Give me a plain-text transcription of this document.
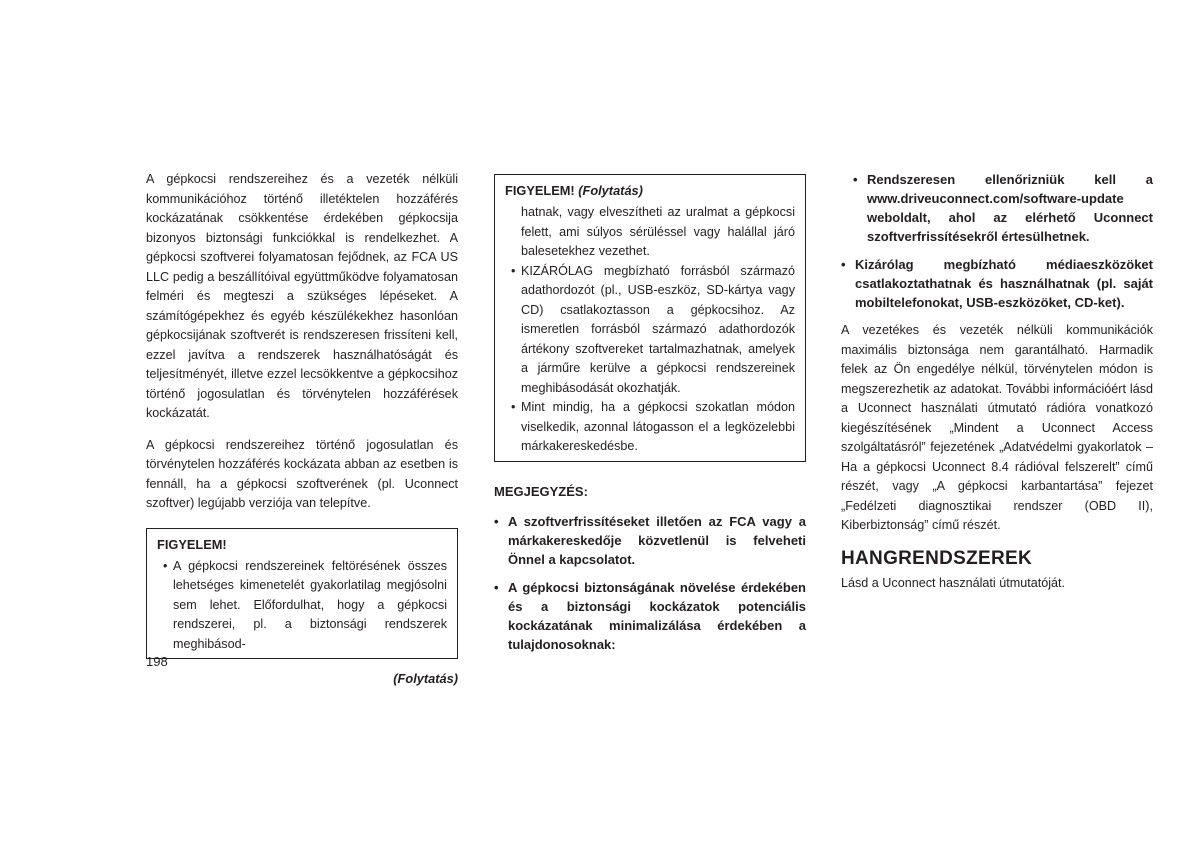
A gépkocsi rendszereihez és a vezeték nélküli kommunikációhoz történő illetéktelen hozzáférés kockázatának csökkentése érdekében gépkocsija bizonyos biztonsági funkciókkal is rendelkezhet. A gépkocsi szoftverei folyamatosan fejődnek, az FCA US LLC pedig a beszállítóival együttműködve folyamatosan felméri és megteszi a szükséges lépéseket. A számítógépekhez és egyéb készülékekhez hasonlóan gépkocsijának szoftverét is rendszeresen frissíteni kell, ezzel javítva a rendszerek használhatóságát és teljesítményét, illetve ezzel lecsökkentve a gépkocsihoz történő jogosulatlan és törvénytelen hozzáférések kockázatát.

A gépkocsi rendszereihez történő jogosulatlan és törvénytelen hozzáférés kockázata abban az esetben is fennáll, ha a gépkocsi szoftverének (pl. Uconnect szoftver) legújabb verziója van telepítve.

FIGYELEM!

• A gépkocsi rendszereinek feltörésének összes lehetséges kimenetelét gyakorlatilag megjósolni sem lehet. Előfordulhat, hogy a gépkocsi rendszerei, pl. a biztonsági rendszerek meghibásod-

(Folytatás)
198
FIGYELEM! (Folytatás)

hatnak, vagy elveszítheti az uralmat a gépkocsi felett, ami súlyos sérüléssel vagy halállal járó balesetekhez vezethet.

• KIZÁRÓLAG megbízható forrásból származó adathordozót (pl., USB-eszköz, SD-kártya vagy CD) csatlakoztasson a gépkocsihoz. Az ismeretlen forrásból származó adathordozók ártékony szoftvereket tartalmazhatnak, amelyek a járműre kerülve a gépkocsi rendszereinek meghibásodását okozhatják.

• Mint mindig, ha a gépkocsi szokatlan módon viselkedik, azonnal látogasson el a legközelebbi márkakereskedésbe.

MEGJEGYZÉS:

• A szoftverfrissítéseket illetően az FCA vagy a márkakereskedője közvetlenül is felveheti Önnel a kapcsolatot.

• A gépkocsi biztonságának növelése érdekében és a biztonsági kockázatok potenciális kockázatának minimalizálása érdekében a tulajdonosoknak:

• Rendszeresen ellenőrizniük kell a www.driveuconnect.com/software-update weboldalt, ahol az elérhető Uconnect szoftverfrissítésekről értesülhetnek.

• Kizárólag megbízható médiaeszközöket csatlakoztathatnak és használhatnak (pl. saját mobiltelefonokat, USB-eszközöket, CD-ket).

A vezetékes és vezeték nélküli kommunikációk maximális biztonsága nem garantálható. Harmadik felek az Ön engedélye nélkül, törvénytelen módon is megszerezhetik az adatokat. További információért lásd a Uconnect használati útmutató rádióra vonatkozó kiegészítésének „Mindent a Uconnect Access szolgáltatásról” fejezetének „Adatvédelmi gyakorlatok – Ha a gépkocsi Uconnect 8.4 rádióval felszerelt” című részét, vagy „A gépkocsi karbantartása” fejezet „Fedélzeti diagnosztikai rendszer (OBD II), Kiberbiztonság” című részét.

HANGRENDSZEREK

Lásd a Uconnect használati útmutatóját.
